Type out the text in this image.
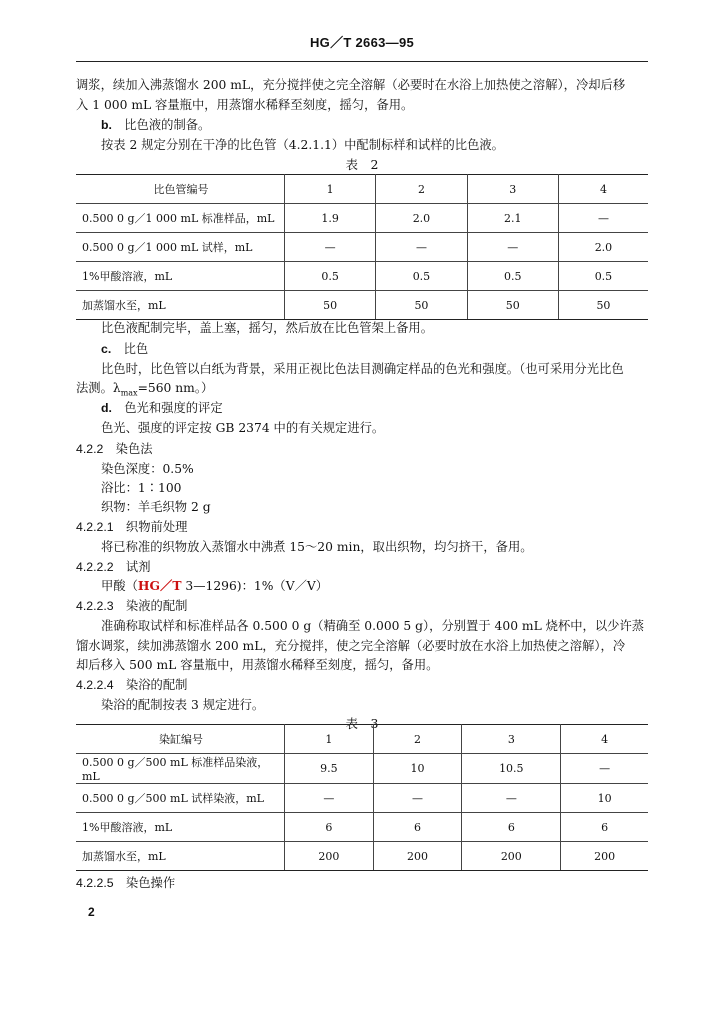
HG／T 2663—95
调浆，续加入沸蒸馏水 200 mL，充分搅拌使之完全溶解（必要时在水浴上加热使之溶解），冷却后移
入 1 000 mL 容量瓶中，用蒸馏水稀释至刻度，摇匀，备用。
b.　 比色液的制备。
按表 2 规定分别在干净的比色管（4.2.1.1）中配制标样和试样的比色液。
表　2
比色管编号	1	2	3	4
0.500 0 g／1 000 mL 标准样品，mL	1.9	2.0	2.1	—
0.500 0 g／1 000 mL 试样，mL	—	—	—	2.0
1%甲酸溶液，mL	0.5	0.5	0.5	0.5
加蒸馏水至，mL	50	50	50	50
比色液配制完毕，盖上塞，摇匀，然后放在比色管架上备用。
c.　 比色
比色时，比色管以白纸为背景，采用正视比色法目测确定样品的色光和强度。（也可采用分光比色
法测。$\lambda_{max}=560$ nm。）
d.　 色光和强度的评定
色光、强度的评定按 GB 2374 中的有关规定进行。
4.2.2　 染色法
染色深度：0.5%
浴比：1∶100
织物：羊毛织物 2 g
4.2.2.1　 织物前处理
将已称准的织物放入蒸馏水中沸煮 15～20 min，取出织物，均匀挤干，备用。
4.2.2.2　 试剂
甲酸（HG／T 3—1296)：1%（V／V）
4.2.2.3　 染液的配制
准确称取试样和标准样品各 0.500 0 g（精确至 0.000 5 g），分别置于 400 mL 烧杯中，以少许蒸
馏水调浆，续加沸蒸馏水 200 mL，充分搅拌，使之完全溶解（必要时放在水浴上加热使之溶解），冷
却后移入 500 mL 容量瓶中，用蒸馏水稀释至刻度，摇匀，备用。
4.2.2.4　 染浴的配制
染浴的配制按表 3 规定进行。
表　3
染缸编号	1	2	3	4
0.500 0 g／500 mL 标准样品染液，mL	9.5	10	10.5	—
0.500 0 g／500 mL 试样染液，mL	—	—	—	10
1%甲酸溶液，mL	6	6	6	6
加蒸馏水至，mL	200	200	200	200
4.2.2.5　 染色操作
2
